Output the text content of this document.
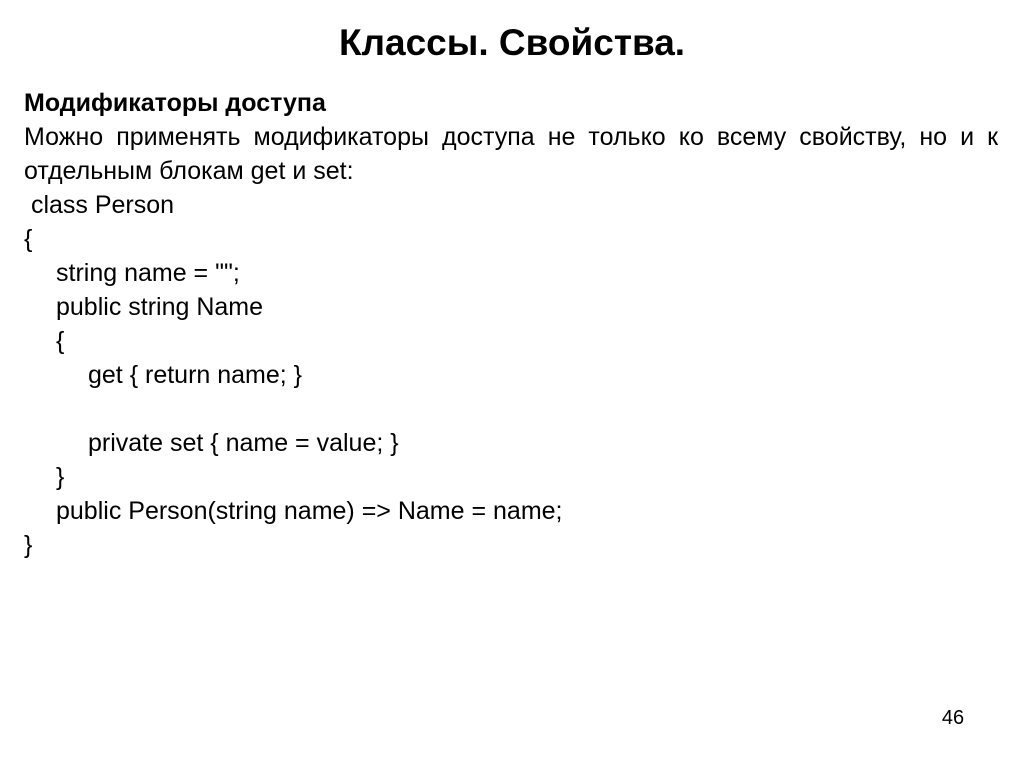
Классы. Свойства.
Модификаторы доступа
Можно применять модификаторы доступа не только ко всему свойству, но и к отдельным блокам get и set:
class Person
{
string name = "";
public string Name
{
get { return name; }
private set { name = value; }
}
public Person(string name) => Name = name;
}
46
